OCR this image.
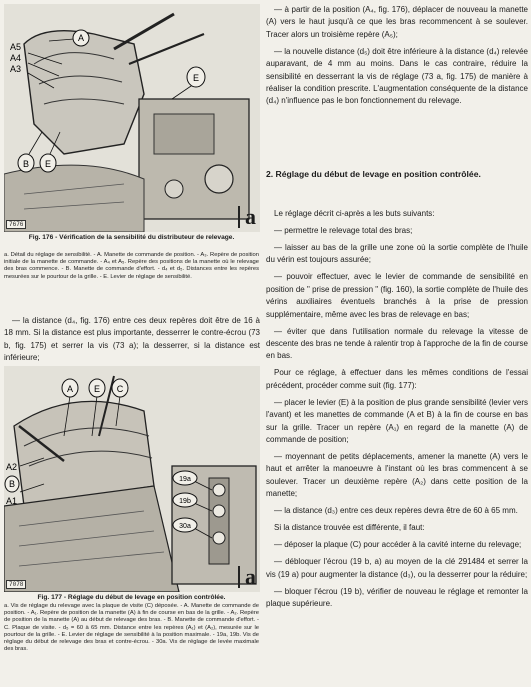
A
A5
A4
A3
B E
E
7676	a
Fig. 176 - Vérification de la sensibilité du distributeur de relevage.

a. Détail du réglage de sensibilité. - A. Manette de commande de position. - A₃. Repère de position initiale de la manette de commande. - A₄ et A₅. Repère des positions de la manette où le relevage des bras commence. - B. Manette de commande d'effort. - d₄ et d₅. Distances entre les repères mesurées sur le pourtour de la grille. - E. Levier de réglage de sensibilité.

— la distance (d₄, fig. 176) entre ces deux repères doit être de 16 à 18 mm. Si la distance est plus importante, desserrer le contre-écrou (73 b, fig. 175) et serrer la vis (73 a); la desserrer, si la distance est inférieure;

A E C
A2
B
A1
19a
19b
30a
7078	a
Fig. 177 - Réglage du début de levage en position contrôlée.

a. Vis de réglage du relevage avec la plaque de visite (C) déposée. - A. Manette de commande de position. - A₁. Repère de position de la manette (A) à fin de course en bas de la grille. - A₂. Repère de position de la manette (A) au début de relevage des bras. - B. Manette de commande d'effort. - C. Plaque de visite. - d₅ = 60 à 65 mm. Distance entre les repères (A₁) et (A₂), mesurée sur le pourtour de la grille. - E. Levier de réglage de sensibilité à la position maximale. - 19a, 19b. Vis de réglage du début de relevage des bras et contre-écrou. - 30a. Vis de réglage de levée maximale des bras.

— à partir de la position (A₄, fig. 176), déplacer de nouveau la manette (A) vers le haut jusqu'à ce que les bras recommencent à se soulever. Tracer alors un troisième repère (A₅);

— la nouvelle distance (d₅) doit être inférieure à la distance (d₄) relevée auparavant, de 4 mm au moins. Dans le cas contraire, réduire la sensibilité en desserrant la vis de réglage (73 a, fig. 175) de manière à réaliser la condition prescrite. L'augmentation conséquente de la distance (d₄) n'influence pas le bon fonctionnement du relevage.

2. Réglage du début de levage en position contrôlée.

Le réglage décrit ci-après a les buts suivants:

— permettre le relevage total des bras;

— laisser au bas de la grille une zone où la sortie complète de l'huile du vérin est toujours assurée;

— pouvoir effectuer, avec le levier de commande de sensibilité en position de " prise de pression " (fig. 160), la sortie complète de l'huile des vérins auxiliaires éventuels branchés à la prise de pression supplémentaire, même avec les bras de relevage en bas;

— éviter que dans l'utilisation normale du relevage la vitesse de descente des bras ne tende à ralentir trop à l'approche de la fin de course en bas.

Pour ce réglage, à effectuer dans les mêmes conditions de l'essai précédent, procéder comme suit (fig. 177):

— placer le levier (E) à la position de plus grande sensibilité (levier vers l'avant) et les manettes de commande (A et B) à la fin de course en bas sur la grille. Tracer un repère (A₁) en regard de la manette (A) de commande de position;

— moyennant de petits déplacements, amener la manette (A) vers le haut et arrêter la manoeuvre à l'instant où les bras commencent à se soulever. Tracer un deuxième repère (A₂) dans cette position de la manette;

— la distance (d₃) entre ces deux repères devra être de 60 à 65 mm.

Si la distance trouvée est différente, il faut:

— déposer la plaque (C) pour accéder à la cavité interne du relevage;

— débloquer l'écrou (19 b, a) au moyen de la clé 291484 et serrer la vis (19 a) pour augmenter la distance (d₃), ou la desserrer pour la réduire;

— bloquer l'écrou (19 b), vérifier de nouveau le réglage et remonter la plaque supérieure.
